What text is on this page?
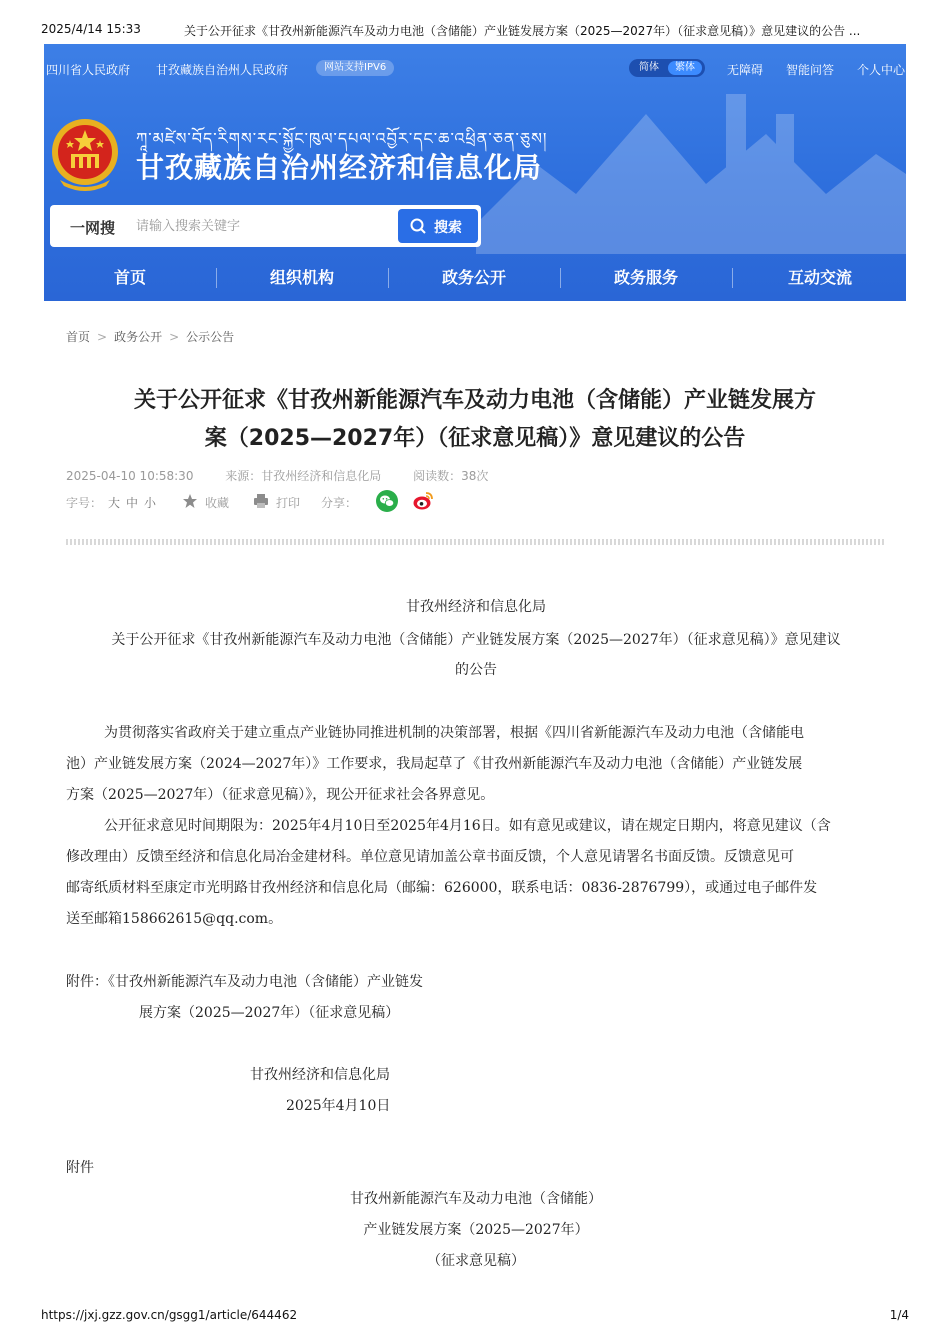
2025/4/14 15:33	关于公开征求《甘孜州新能源汽车及动力电池（含储能）产业链发展方案（2025—2027年）（征求意见稿）》意见建议的公告 ...
四川省人民政府 甘孜藏族自治州人民政府	网站支持IPV6	简体	繁体	无障碍 智能问答 个人中心
ཀཱ་མཛེས་བོད་རིགས་རང་སྐྱོང་ཁུལ་དཔལ་འབྱོར་དང་ཆ་འཕྲིན་ཅན་ཅུས།
甘孜藏族自治州经济和信息化局
一网搜
请输入搜索关键字	搜索
首页	组织机构	政务公开	政务服务	互动交流
首页 > 政务公开 > 公示公告
关于公开征求《甘孜州新能源汽车及动力电池（含储能）产业链发展方
案（2025—2027年）（征求意见稿）》意见建议的公告
2025-04-10 10:58:30	来源：甘孜州经济和信息化局	阅读数：38次
字号： 大 中 小	收藏	打印 分享：
甘孜州经济和信息化局
关于公开征求《甘孜州新能源汽车及动力电池（含储能）产业链发展方案（2025—2027年）（征求意见稿）》意见建议
的公告
为贯彻落实省政府关于建立重点产业链协同推进机制的决策部署，根据《四川省新能源汽车及动力电池（含储能电
池）产业链发展方案（2024—2027年）》工作要求，我局起草了《甘孜州新能源汽车及动力电池（含储能）产业链发展
方案（2025—2027年）（征求意见稿）》，现公开征求社会各界意见。
公开征求意见时间期限为：2025年4月10日至2025年4月16日。如有意见或建议，请在规定日期内，将意见建议（含
修改理由）反馈至经济和信息化局冶金建材科。单位意见请加盖公章书面反馈，个人意见请署名书面反馈。反馈意见可
邮寄纸质材料至康定市光明路甘孜州经济和信息化局（邮编：626000，联系电话：0836-2876799），或通过电子邮件发
送至邮箱158662615@qq.com。
附件：《甘孜州新能源汽车及动力电池（含储能）产业链发
展方案（2025—2027年）（征求意见稿）
甘孜州经济和信息化局
2025年4月10日
附件
甘孜州新能源汽车及动力电池（含储能）
产业链发展方案（2025—2027年）
（征求意见稿）
https://jxj.gzz.gov.cn/gsgg1/article/644462	1/4
